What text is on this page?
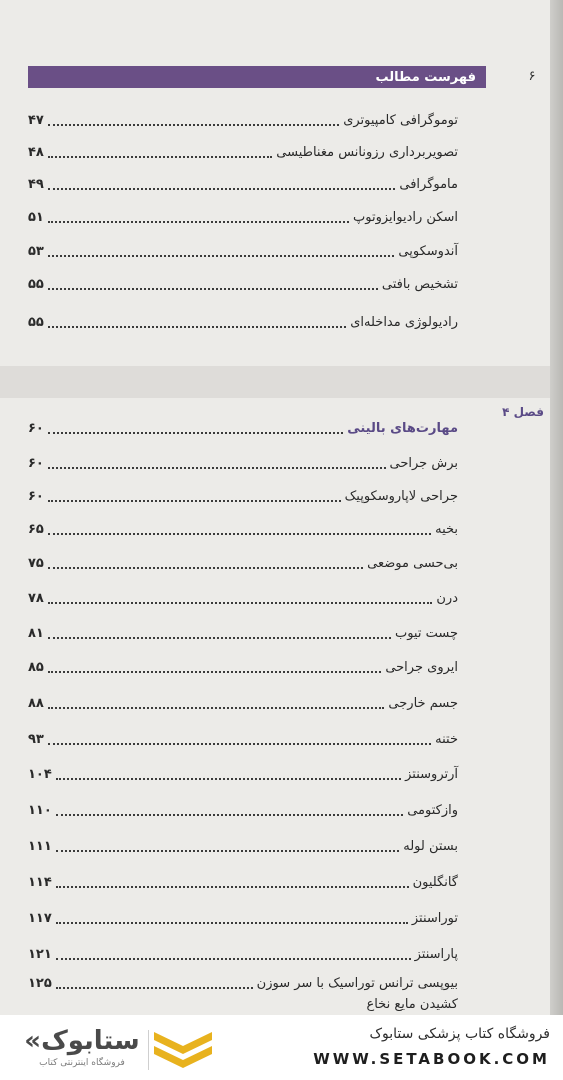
فهرست مطالب	۶
توموگرافی کامپیوتری
۴۷
تصویربرداری رزونانس مغناطیسی
۴۸
ماموگرافی
۴۹
اسکن رادیوایزوتوپ
۵۱
آندوسکوپی
۵۳
تشخیص بافتی
۵۵
رادیولوژی مداخله‌ای
۵۵
فصل ۴
مهارت‌های بالینی
۶۰
برش جراحی
۶۰
جراحی لاپاروسکوپیک
۶۰
بخیه
۶۵
بی‌حسی موضعی
۷۵
درن
۷۸
چست تیوب
۸۱
ایروی جراحی
۸۵
جسم خارجی
۸۸
ختنه
۹۳
آرتروسنتز
۱۰۴
وازکتومی
۱۱۰
بستن لوله
۱۱۱
گانگلیون
۱۱۴
توراسنتز
۱۱۷
پاراسنتز
۱۲۱
بیوپسی ترانس توراسیک با سر سوزن
۱۲۵
کشیدن مایع نخاع
ستابوک»
فروشگاه اینترنتی کتاب
فروشگاه کتاب پزشکی ستابوک
WWW.SETABOOK.COM
